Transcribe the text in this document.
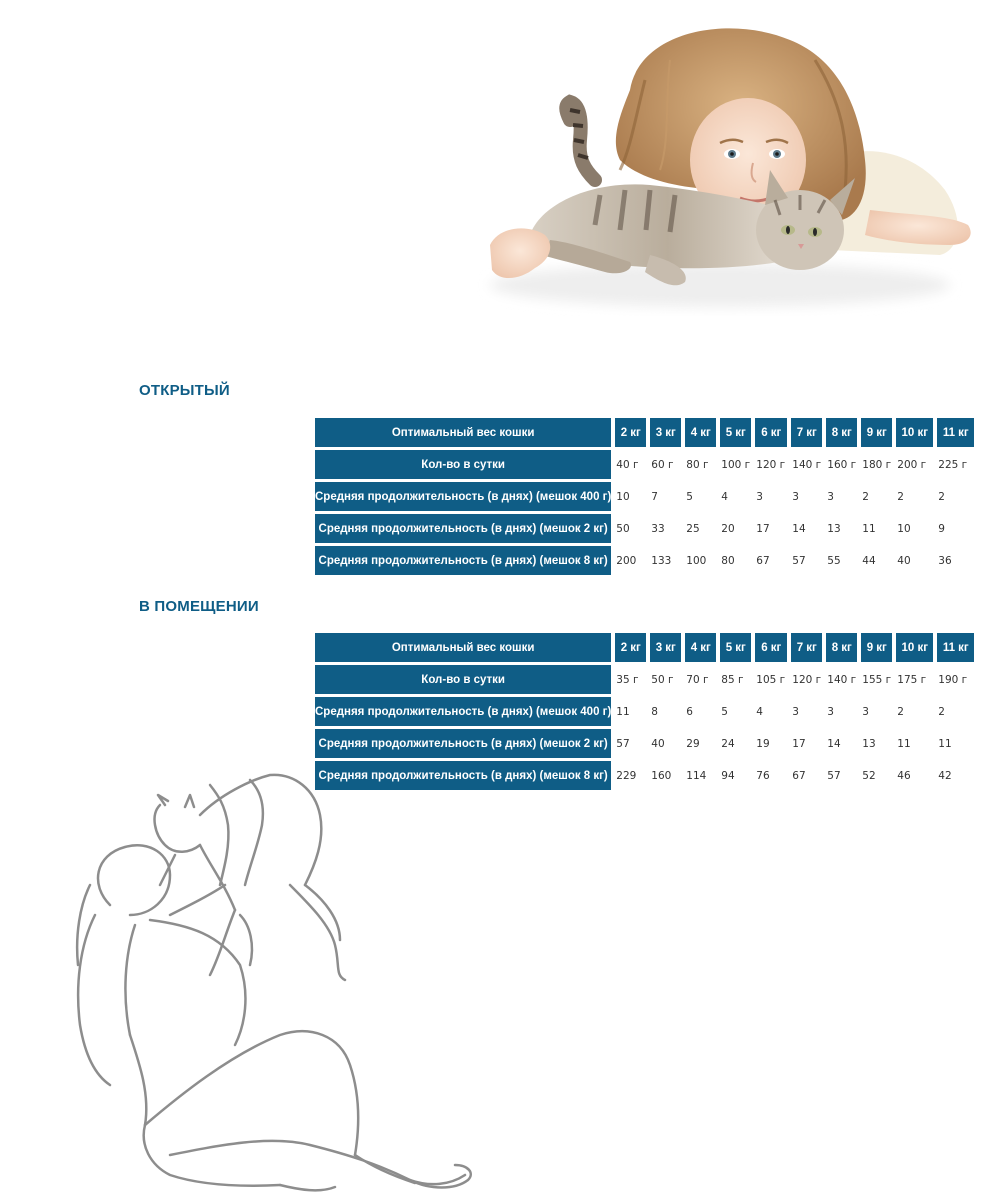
ОТКРЫТЫЙ
Оптимальный вес кошки	2 кг	3 кг	4 кг	5 кг	6 кг	7 кг	8 кг	9 кг	10 кг	11 кг
Кол-во в сутки	40 г	60 г	80 г	100 г	120 г	140 г	160 г	180 г	200 г	225 г
Средняя продолжительность (в днях) (мешок 400 г)	10	7	5	4	3	3	3	2	2	2
Средняя продолжительность (в днях) (мешок 2 кг)	50	33	25	20	17	14	13	11	10	9
Средняя продолжительность (в днях) (мешок 8 кг)	200	133	100	80	67	57	55	44	40	36
В ПОМЕЩЕНИИ
Оптимальный вес кошки	2 кг	3 кг	4 кг	5 кг	6 кг	7 кг	8 кг	9 кг	10 кг	11 кг
Кол-во в сутки	35 г	50 г	70 г	85 г	105 г	120 г	140 г	155 г	175 г	190 г
Средняя продолжительность (в днях) (мешок 400 г)	11	8	6	5	4	3	3	3	2	2
Средняя продолжительность (в днях) (мешок 2 кг)	57	40	29	24	19	17	14	13	11	11
Средняя продолжительность (в днях) (мешок 8 кг)	229	160	114	94	76	67	57	52	46	42
